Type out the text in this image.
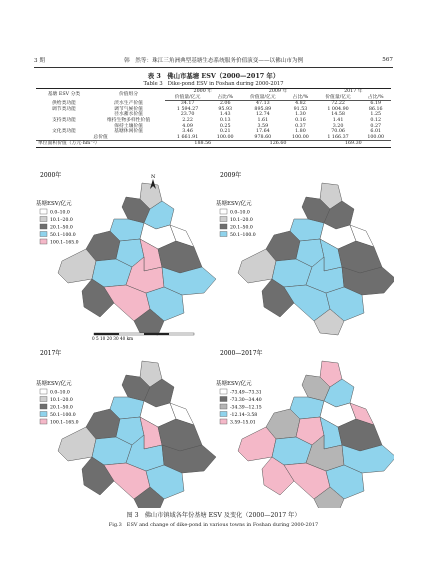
3 期	韩　然等：珠江三角洲典型基塘生态系统服务价值演变——以佛山市为例	567
表 3　佛山市基塘 ESV（2000—2017 年）
Table 3　Dike-pond ESV in Foshan during 2000-2017
基塘 ESV 分类	价值组分	2000 年		2009 年		2017 年	
		价值量/亿元	占比/%	价值量/亿元	占比/%	价值量/亿元	占比/%
供给类功能	淡水生产价值	34.17	2.06	47.13	4.82	72.22	6.19
调节类功能	调节气候价值	1 594.27	95.93	895.89	91.53	1 004.90	86.16
	径水蓄水价值	23.70	1.43	12.74	1.30	14.58	1.25
支持类功能	维持生物多样性价值	2.22	0.13	1.61	0.16	1.41	0.12
	保持土壤价值	4.09	0.25	3.59	0.37	3.20	0.27
文化类功能	基塘休闲价值	3.46	0.21	17.64	1.80	70.06	6.01
总价值		1 661.91	100.00	978.60	100.00	1 166.37	100.00
单位面积价值（万元·hm⁻²）		188.56		126.60		169.30	
2000年
基塘ESV/亿元
0.0–10.0
10.1–20.0
20.1–50.0
50.1–100.0
100.1–165.0
N
0 5 10 20 30 40 km
2009年
基塘ESV/亿元
0.0–10.0
10.1–20.0
20.1–50.0
50.1–100.0
2017年
基塘ESV/亿元
0.0–10.0
10.1–20.0
20.1–50.0
50.1–100.0
100.1–165.0
2000—2017年
基塘ESV/亿元
-73.49–-73.31
-73.30–-34.40
-34.39–-12.15
-12.14–3.58
3.59–15.01
图 3　佛山市镇域各年份基塘 ESV 及变化（2000—2017 年）
Fig.3　ESV and change of dike-pond in various towns in Foshan during 2000-2017
